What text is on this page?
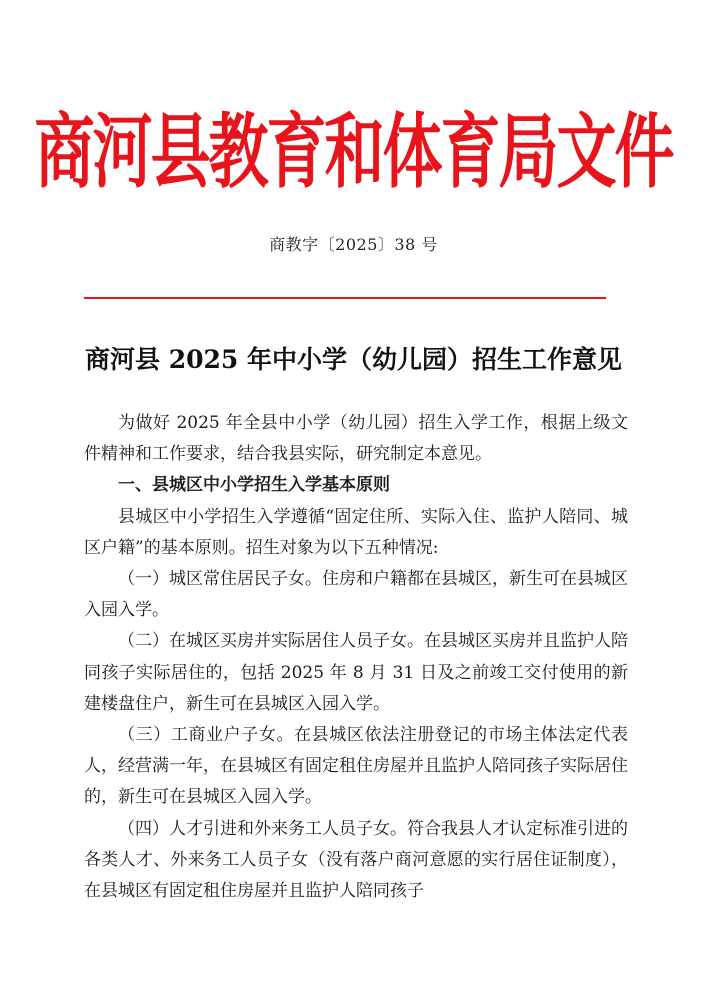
商河县教育和体育局文件
商教字〔2025〕38 号
商河县 2025 年中小学（幼儿园）招生工作意见

为做好 2025 年全县中小学（幼儿园）招生入学工作，根据上级文件精神和工作要求，结合我县实际，研究制定本意见。

一、县城区中小学招生入学基本原则

县城区中小学招生入学遵循“固定住所、实际入住、监护人陪同、城区户籍”的基本原则。招生对象为以下五种情况:

（一）城区常住居民子女。住房和户籍都在县城区，新生可在县城区入园入学。

（二）在城区买房并实际居住人员子女。在县城区买房并且监护人陪同孩子实际居住的，包括 2025 年 8 月 31 日及之前竣工交付使用的新建楼盘住户，新生可在县城区入园入学。

（三）工商业户子女。在县城区依法注册登记的市场主体法定代表人，经营满一年，在县城区有固定租住房屋并且监护人陪同孩子实际居住的，新生可在县城区入园入学。

（四）人才引进和外来务工人员子女。符合我县人才认定标准引进的各类人才、外来务工人员子女（没有落户商河意愿的实行居住证制度），在县城区有固定租住房屋并且监护人陪同孩子
